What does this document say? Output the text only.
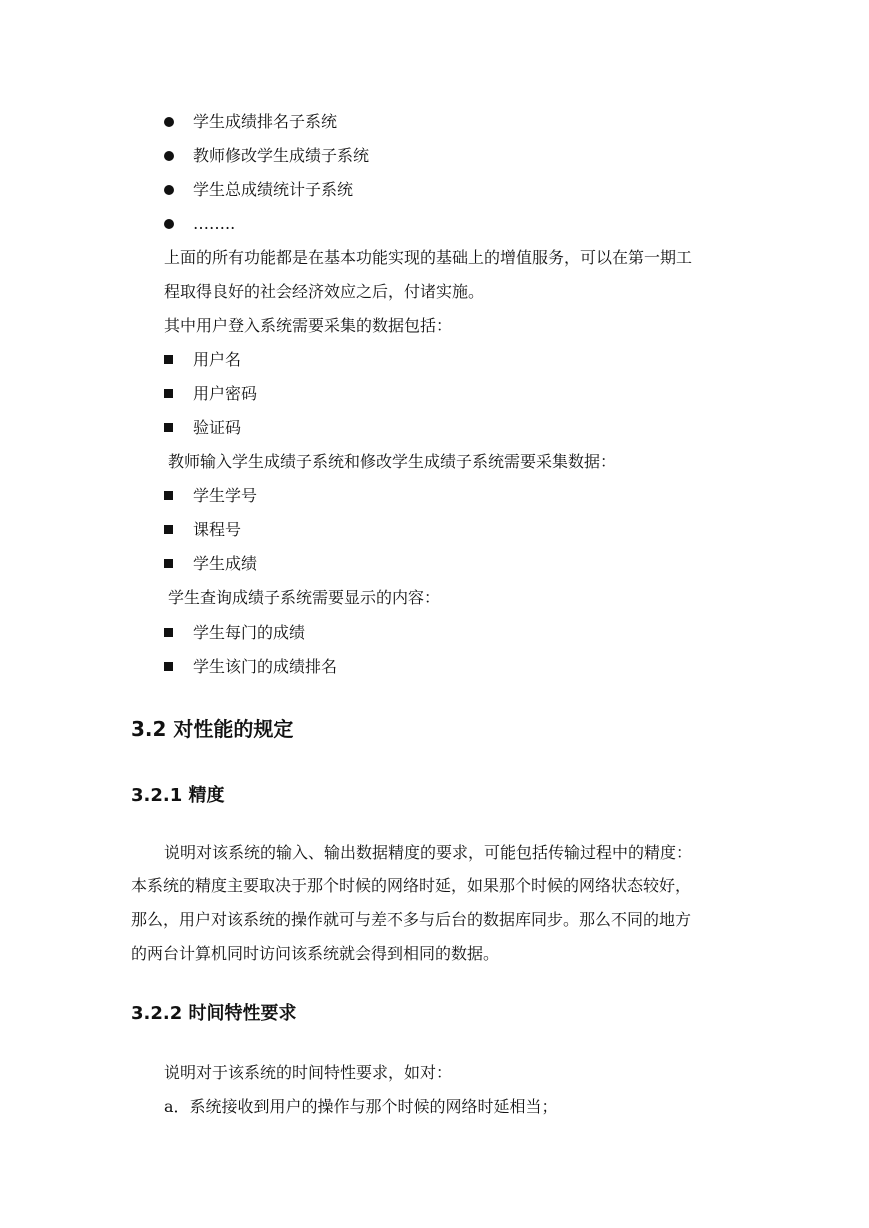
学生成绩排名子系统
教师修改学生成绩子系统
学生总成绩统计子系统
……..
上面的所有功能都是在基本功能实现的基础上的增值服务，可以在第一期工
程取得良好的社会经济效应之后，付诸实施。
其中用户登入系统需要采集的数据包括：
用户名
用户密码
验证码
教师输入学生成绩子系统和修改学生成绩子系统需要采集数据：
学生学号
课程号
学生成绩
学生查询成绩子系统需要显示的内容：
学生每门的成绩
学生该门的成绩排名
3.2 对性能的规定
3.2.1 精度
说明对该系统的输入、输出数据精度的要求，可能包括传输过程中的精度：
本系统的精度主要取决于那个时候的网络时延，如果那个时候的网络状态较好，
那么，用户对该系统的操作就可与差不多与后台的数据库同步。那么不同的地方
的两台计算机同时访问该系统就会得到相同的数据。
3.2.2 时间特性要求
说明对于该系统的时间特性要求，如对：
a．系统接收到用户的操作与那个时候的网络时延相当；
